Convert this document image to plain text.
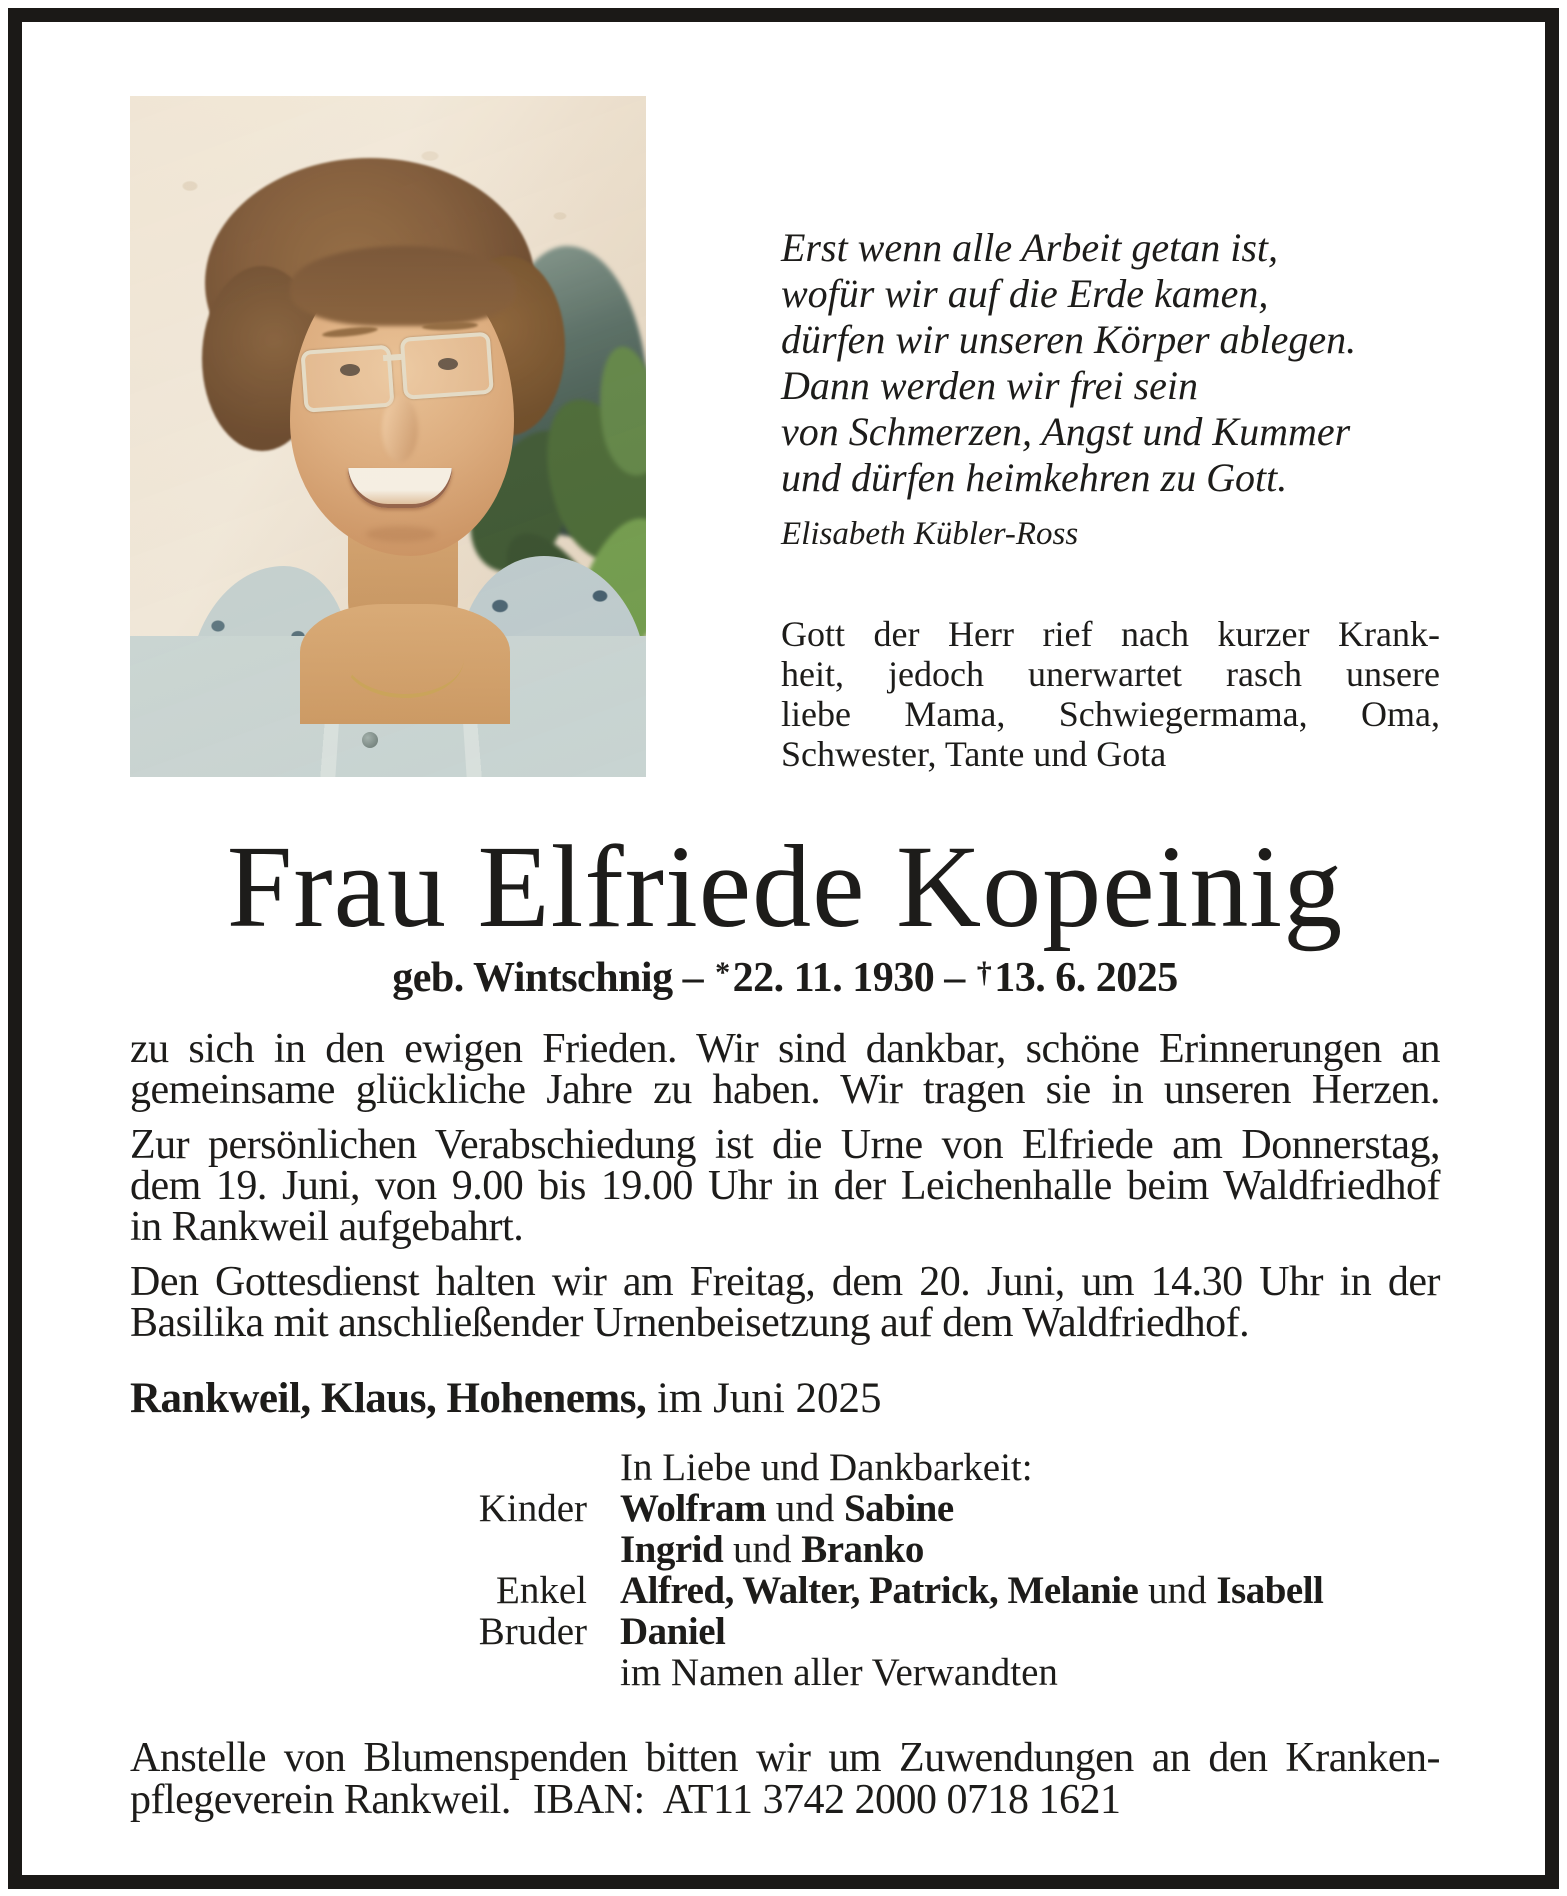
Erst wenn alle Arbeit getan ist,
wofür wir auf die Erde kamen,
dürfen wir unseren Körper ablegen.
Dann werden wir frei sein
von Schmerzen, Angst und Kummer
und dürfen heimkehren zu Gott.
Elisabeth Kübler-Ross
Gott der Herr rief nach kurzer Krank-
heit, jedoch unerwartet rasch unsere
liebe Mama, Schwiegermama, Oma,
Schwester, Tante und Gota
Frau Elfriede Kopeinig
geb. Wintschnig – *22. 11. 1930 – †13. 6. 2025

zu sich in den ewigen Frieden. Wir sind dankbar, schöne Erinnerungen an
gemeinsame glückliche Jahre zu haben. Wir tragen sie in unseren Herzen.

Zur persönlichen Verabschiedung ist die Urne von Elfriede am Donnerstag,
dem 19. Juni, von 9.00 bis 19.00 Uhr in der Leichenhalle beim Waldfriedhof
in Rankweil aufgebahrt.

Den Gottesdienst halten wir am Freitag, dem 20. Juni, um 14.30 Uhr in der
Basilika mit anschließender Urnenbeisetzung auf dem Waldfriedhof.

Rankweil, Klaus, Hohenems, im Juni 2025
In Liebe und Dankbarkeit:
Kinder Wolfram und Sabine
Ingrid und Branko
Enkel Alfred, Walter, Patrick, Melanie und Isabell
Bruder Daniel
im Namen aller Verwandten
Anstelle von Blumenspenden bitten wir um Zuwendungen an den Kranken-
pflegeverein Rankweil. IBAN: AT11 3742 2000 0718 1621
